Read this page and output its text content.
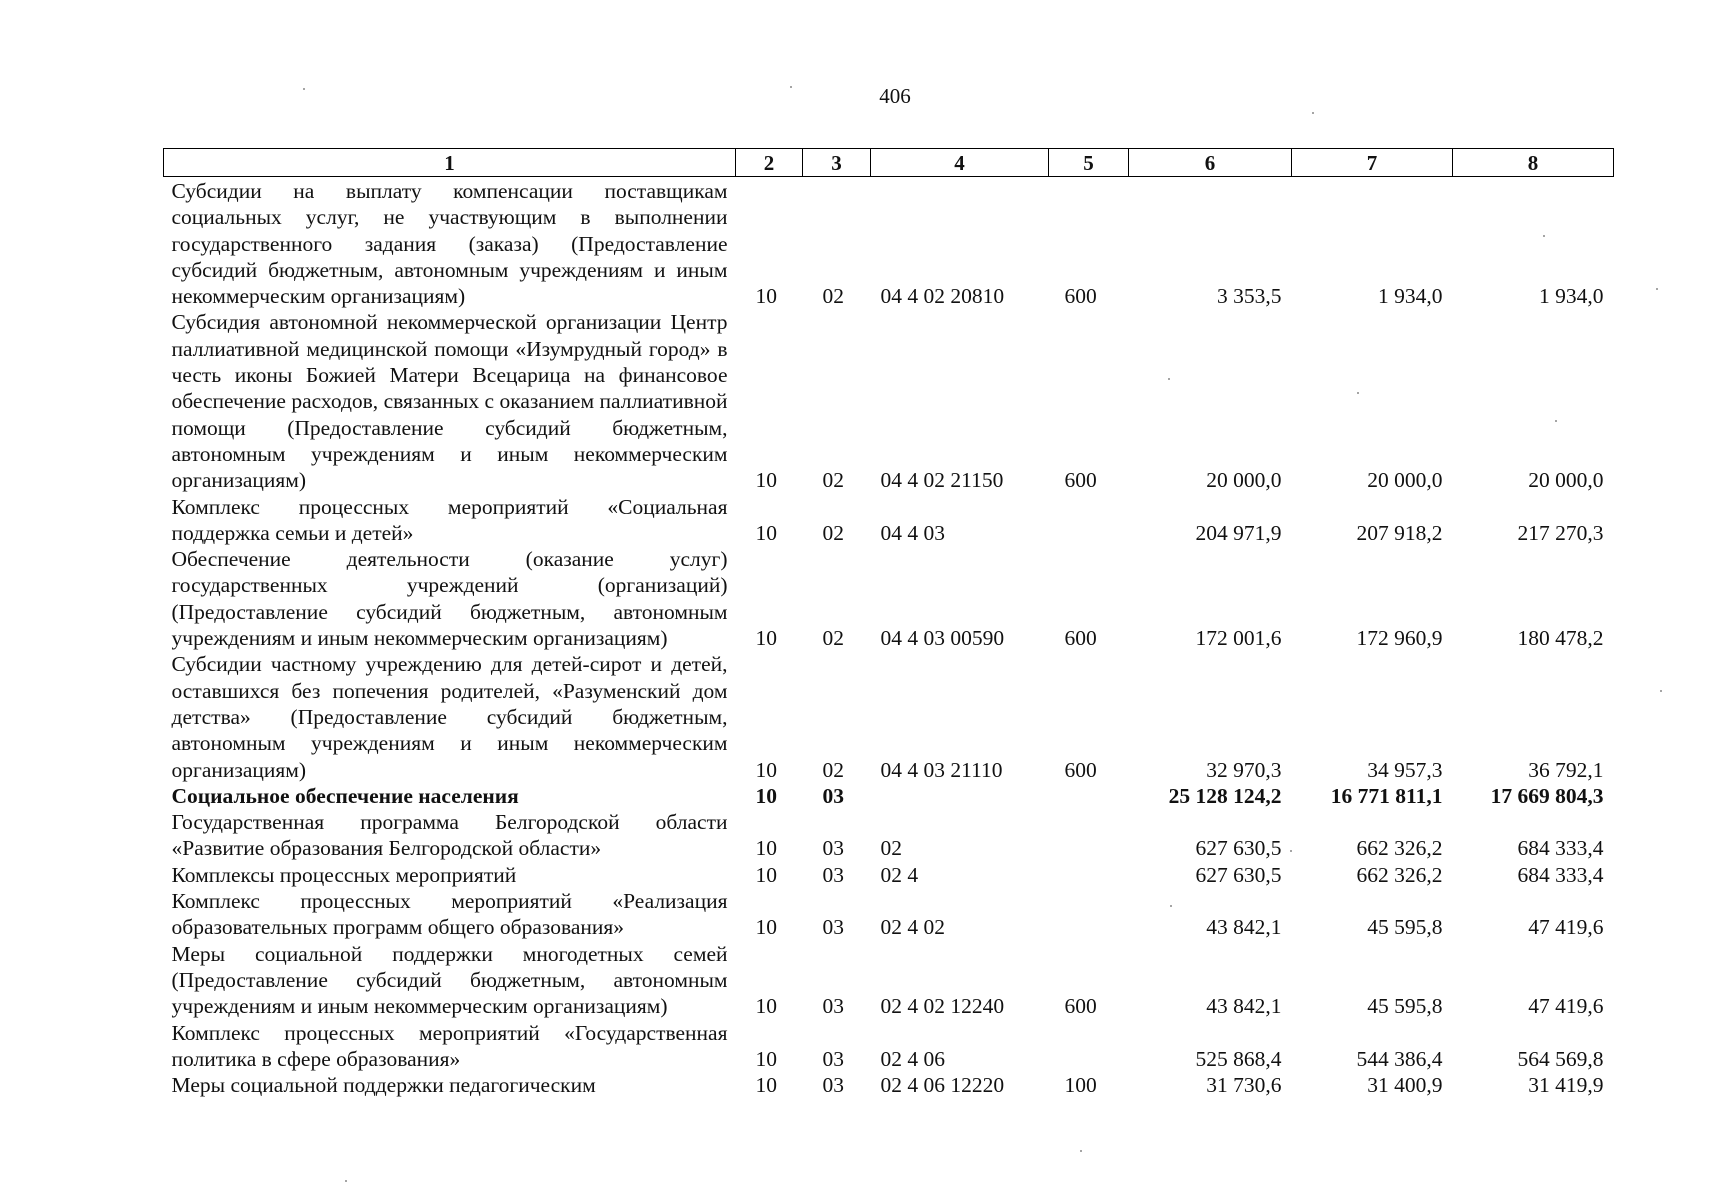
406
1	2	3	4	5	6	7	8
Субсидии на выплату компенсации поставщикам социальных услуг, не участвующим в выполнении государственного задания (заказа) (Предоставление субсидий бюджетным, автономным учреждениям и иным некоммерческим организациям)	10	02	04 4 02 20810	600	3 353,5	1 934,0	1 934,0
Субсидия автономной некоммерческой организации Центр паллиативной медицинской помощи «Изумрудный город» в честь иконы Божией Матери Всецарица на финансовое обеспечение расходов, связанных с оказанием паллиативной помощи (Предоставление субсидий бюджетным, автономным учреждениям и иным некоммерческим организациям)	10	02	04 4 02 21150	600	20 000,0	20 000,0	20 000,0
Комплекс процессных мероприятий «Социальная поддержка семьи и детей»	10	02	04 4 03		204 971,9	207 918,2	217 270,3
Обеспечение деятельности (оказание услуг) государственных учреждений (организаций) (Предоставление субсидий бюджетным, автономным учреждениям и иным некоммерческим организациям)	10	02	04 4 03 00590	600	172 001,6	172 960,9	180 478,2
Субсидии частному учреждению для детей-сирот и детей, оставшихся без попечения родителей, «Разуменский дом детства» (Предоставление субсидий бюджетным, автономным учреждениям и иным некоммерческим организациям)	10	02	04 4 03 21110	600	32 970,3	34 957,3	36 792,1
Социальное обеспечение населения	10	03			25 128 124,2	16 771 811,1	17 669 804,3
Государственная программа Белгородской области «Развитие образования Белгородской области»	10	03	02		627 630,5	662 326,2	684 333,4
Комплексы процессных мероприятий	10	03	02 4		627 630,5	662 326,2	684 333,4
Комплекс процессных мероприятий «Реализация образовательных программ общего образования»	10	03	02 4 02		43 842,1	45 595,8	47 419,6
Меры социальной поддержки многодетных семей (Предоставление субсидий бюджетным, автономным учреждениям и иным некоммерческим организациям)	10	03	02 4 02 12240	600	43 842,1	45 595,8	47 419,6
Комплекс процессных мероприятий «Государственная политика в сфере образования»	10	03	02 4 06		525 868,4	544 386,4	564 569,8
Меры социальной поддержки педагогическим	10	03	02 4 06 12220	100	31 730,6	31 400,9	31 419,9
